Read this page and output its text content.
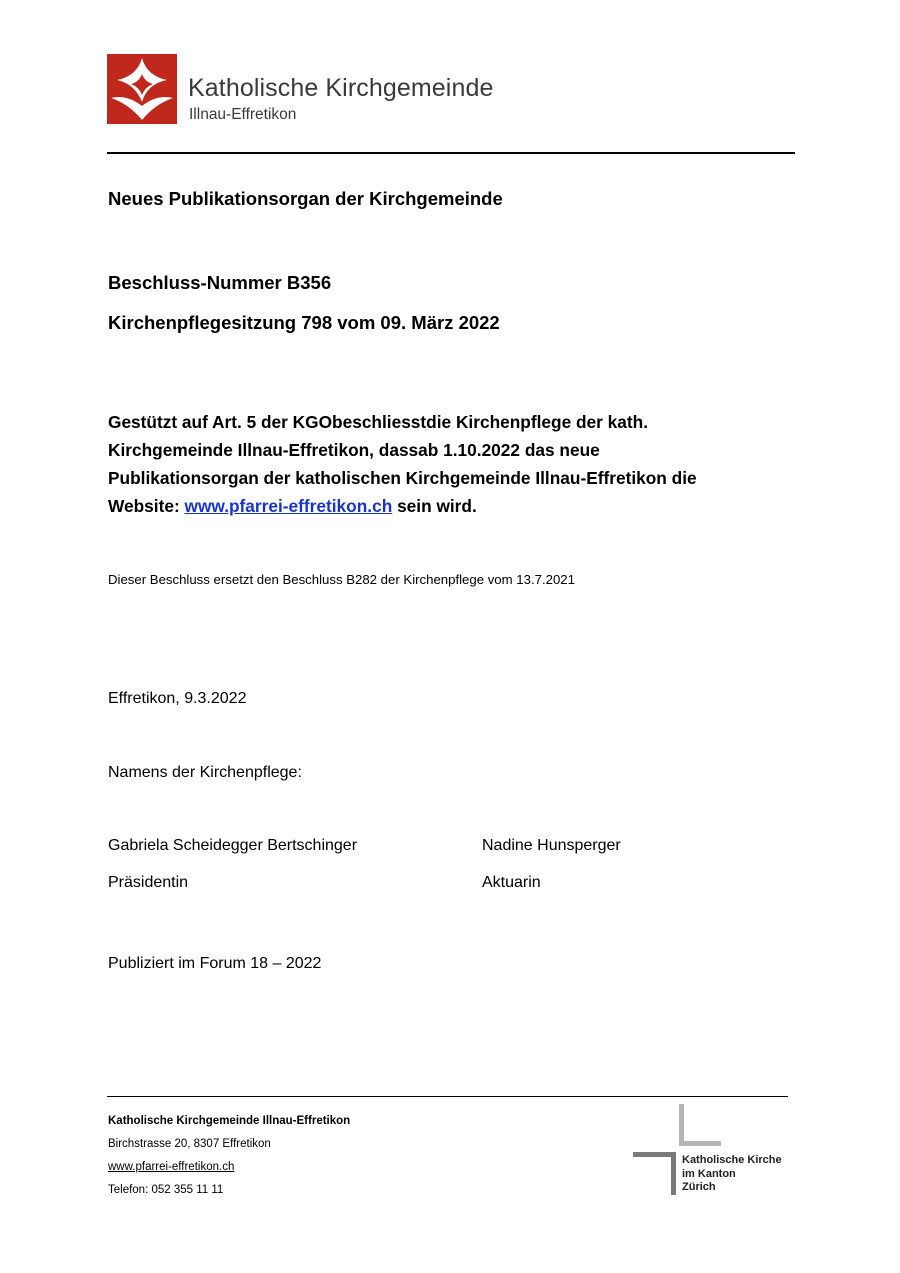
Katholische Kirchgemeinde
Illnau-Effretikon
Neues Publikationsorgan der Kirchgemeinde
Beschluss-Nummer B356
Kirchenpflegesitzung 798 vom 09. März 2022
Gestützt auf Art. 5 der KGObeschliesstdie Kirchenpflege der kath.
Kirchgemeinde Illnau-Effretikon, dassab 1.10.2022 das neue
Publikationsorgan der katholischen Kirchgemeinde Illnau-Effretikon die
Website: www.pfarrei-effretikon.ch sein wird.
Dieser Beschluss ersetzt den Beschluss B282 der Kirchenpflege vom 13.7.2021
Effretikon, 9.3.2022
Namens der Kirchenpflege:
Gabriela Scheidegger Bertschinger	Nadine Hunsperger
Präsidentin	Aktuarin
Publiziert im Forum 18 – 2022
Katholische Kirchgemeinde Illnau-Effretikon
Birchstrasse 20, 8307 Effretikon
www.pfarrei-effretikon.ch
Telefon: 052 355 11 11
Katholische Kirche
im Kanton
Zürich
